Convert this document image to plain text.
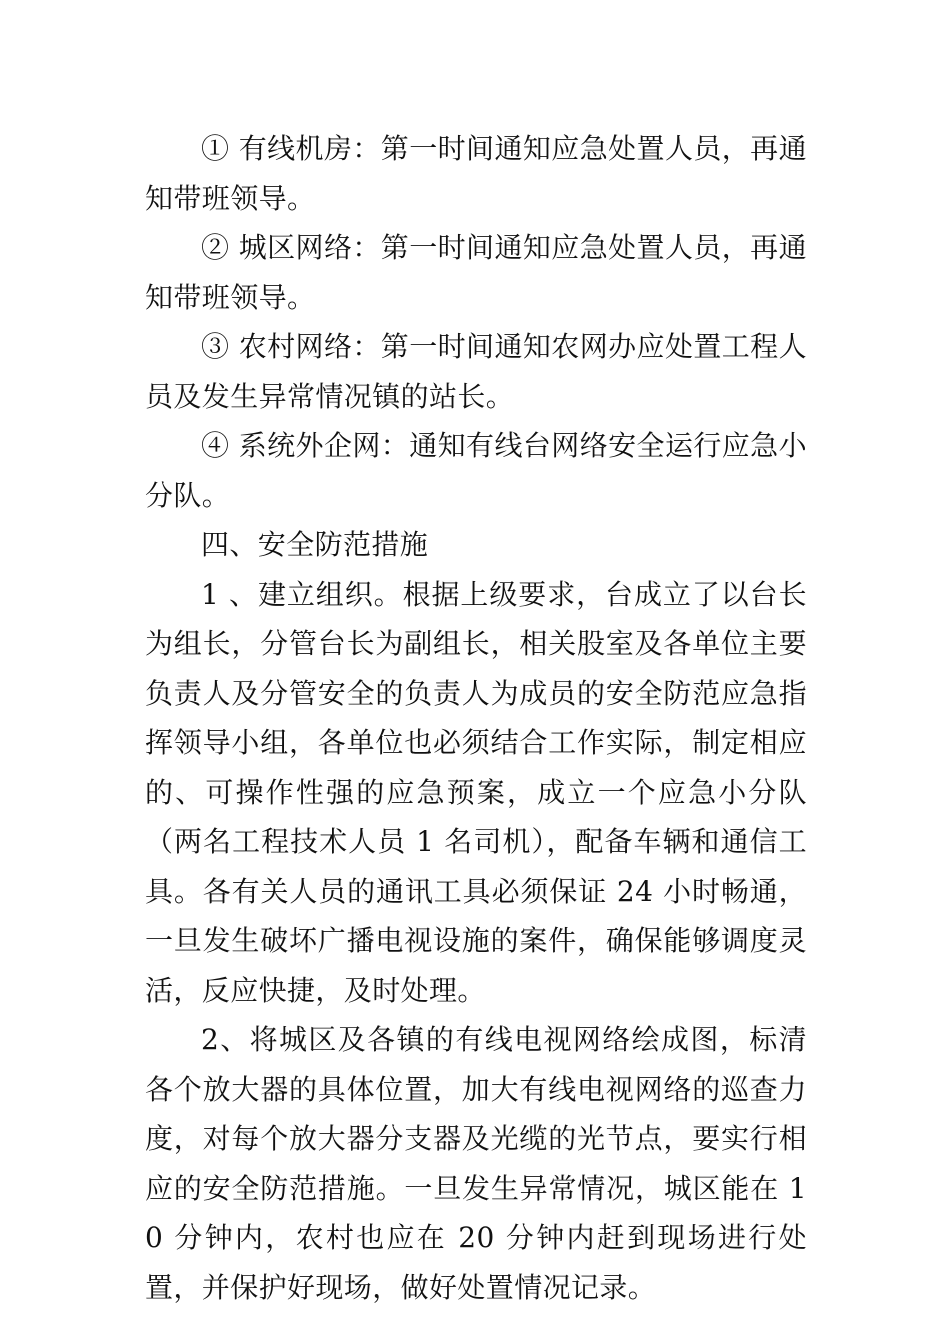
① 有线机房：第一时间通知应急处置人员，再通知带班领导。

② 城区网络：第一时间通知应急处置人员，再通知带班领导。

③ 农村网络：第一时间通知农网办应处置工程人员及发生异常情况镇的站长。

④ 系统外企网：通知有线台网络安全运行应急小分队。

四、安全防范措施

1 、建立组织。根据上级要求，台成立了以台长为组长，分管台长为副组长，相关股室及各单位主要负责人及分管安全的负责人为成员的安全防范应急指挥领导小组，各单位也必须结合工作实际，制定相应的、可操作性强的应急预案，成立一个应急小分队（两名工程技术人员 1 名司机），配备车辆和通信工具。各有关人员的通讯工具必须保证 24 小时畅通，一旦发生破坏广播电视设施的案件，确保能够调度灵活，反应快捷，及时处理。

2、将城区及各镇的有线电视网络绘成图，标清各个放大器的具体位置，加大有线电视网络的巡查力度，对每个放大器分支器及光缆的光节点，要实行相应的安全防范措施。一旦发生异常情况，城区能在 10 分钟内，农村也应在 20 分钟内赶到现场进行处置，并保护好现场，做好处置情况记录。
